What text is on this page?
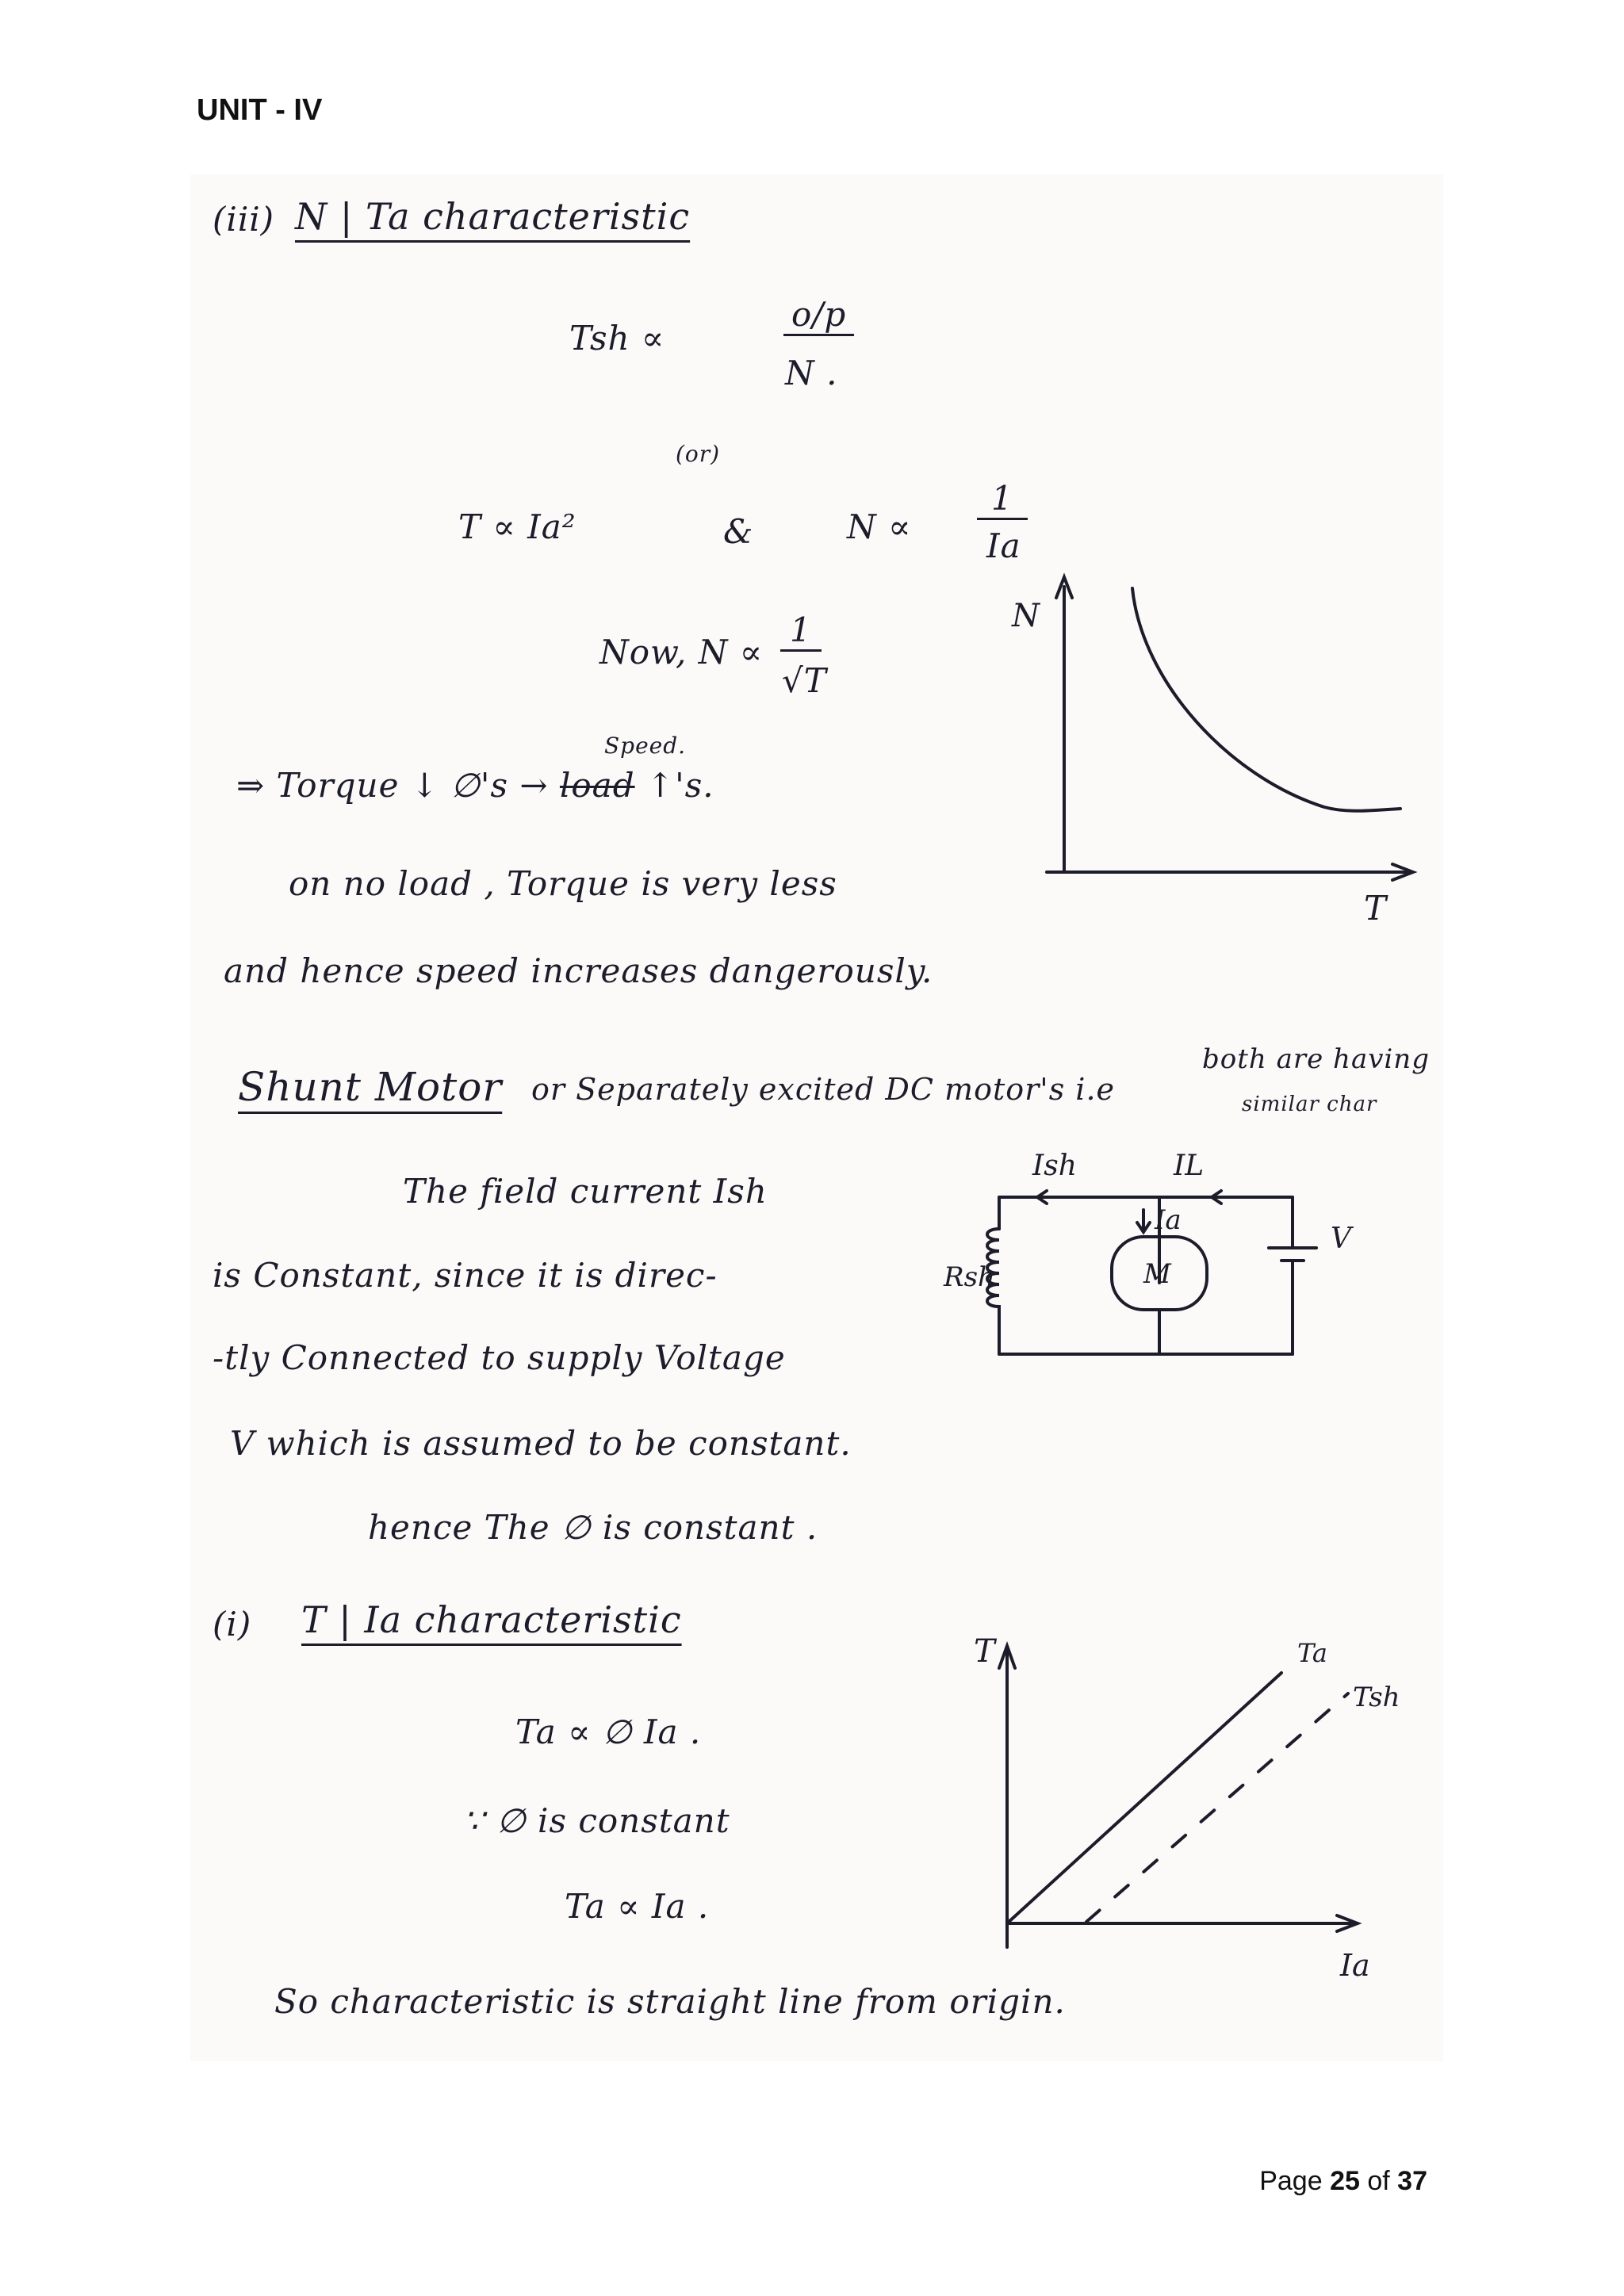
UNIT - IV
(iii) N | Ta characteristic
Tsh ∝
o/p
N .
(or)
T ∝ Ia²	&	N ∝
1
Ia
Now, N ∝
1
√T
Speed.
⇒ Torque ↓ ∅'s → load ↑'s.
on no load , Torque is very less
and hence speed increases dangerously.
N
T
Shunt Motor or Separately excited DC motor's i.e
both are having
similar char
The field current Ish
is Constant, since it is direc-
-tly Connected to supply Voltage
V which is assumed to be constant.
hence The ∅ is constant .
Ish	IL
Ia
Rsh	M
V
(i) T | Ia characteristic
Ta ∝ ∅ Ia .
∵ ∅ is constant
Ta ∝ Ia .
So characteristic is straight line from origin.
T
Ia
Ta
Tsh
Page 25 of 37
